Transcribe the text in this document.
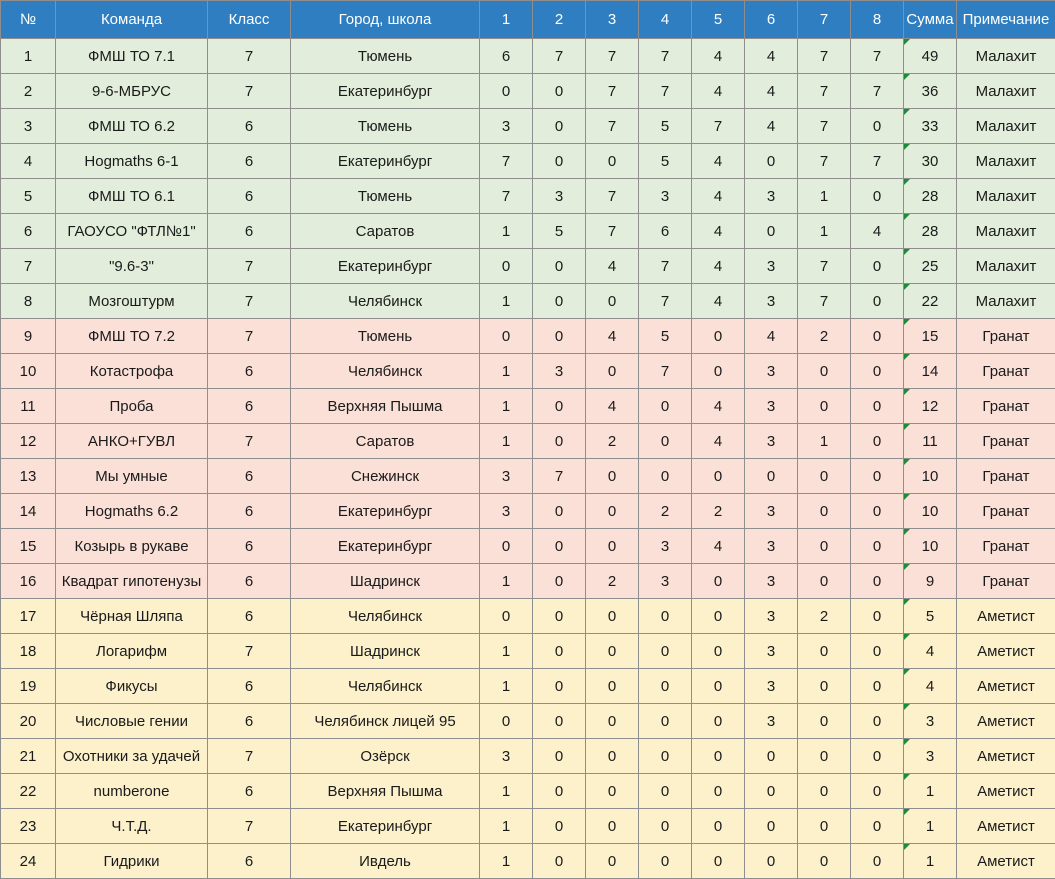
№	Команда	Класс	Город, школа	1	2	3	4	5	6	7	8	Сумма	Примечание
1	ФМШ ТО 7.1	7	Тюмень	6	7	7	7	4	4	7	7	49	Малахит
2	9-6-МБРУС	7	Екатеринбург	0	0	7	7	4	4	7	7	36	Малахит
3	ФМШ ТО 6.2	6	Тюмень	3	0	7	5	7	4	7	0	33	Малахит
4	Hogmaths 6-1	6	Екатеринбург	7	0	0	5	4	0	7	7	30	Малахит
5	ФМШ ТО 6.1	6	Тюмень	7	3	7	3	4	3	1	0	28	Малахит
6	ГАОУСО "ФТЛ№1"	6	Саратов	1	5	7	6	4	0	1	4	28	Малахит
7	"9.6-3"	7	Екатеринбург	0	0	4	7	4	3	7	0	25	Малахит
8	Мозгоштурм	7	Челябинск	1	0	0	7	4	3	7	0	22	Малахит
9	ФМШ ТО 7.2	7	Тюмень	0	0	4	5	0	4	2	0	15	Гранат
10	Котастрофа	6	Челябинск	1	3	0	7	0	3	0	0	14	Гранат
11	Проба	6	Верхняя Пышма	1	0	4	0	4	3	0	0	12	Гранат
12	АНКО+ГУВЛ	7	Саратов	1	0	2	0	4	3	1	0	11	Гранат
13	Мы умные	6	Снежинск	3	7	0	0	0	0	0	0	10	Гранат
14	Hogmaths 6.2	6	Екатеринбург	3	0	0	2	2	3	0	0	10	Гранат
15	Козырь в рукаве	6	Екатеринбург	0	0	0	3	4	3	0	0	10	Гранат
16	Квадрат гипотенузы	6	Шадринск	1	0	2	3	0	3	0	0	9	Гранат
17	Чёрная Шляпа	6	Челябинск	0	0	0	0	0	3	2	0	5	Аметист
18	Логарифм	7	Шадринск	1	0	0	0	0	3	0	0	4	Аметист
19	Фикусы	6	Челябинск	1	0	0	0	0	3	0	0	4	Аметист
20	Числовые гении	6	Челябинск лицей 95	0	0	0	0	0	3	0	0	3	Аметист
21	Охотники за удачей	7	Озёрск	3	0	0	0	0	0	0	0	3	Аметист
22	numberone	6	Верхняя Пышма	1	0	0	0	0	0	0	0	1	Аметист
23	Ч.Т.Д.	7	Екатеринбург	1	0	0	0	0	0	0	0	1	Аметист
24	Гидрики	6	Ивдель	1	0	0	0	0	0	0	0	1	Аметист
